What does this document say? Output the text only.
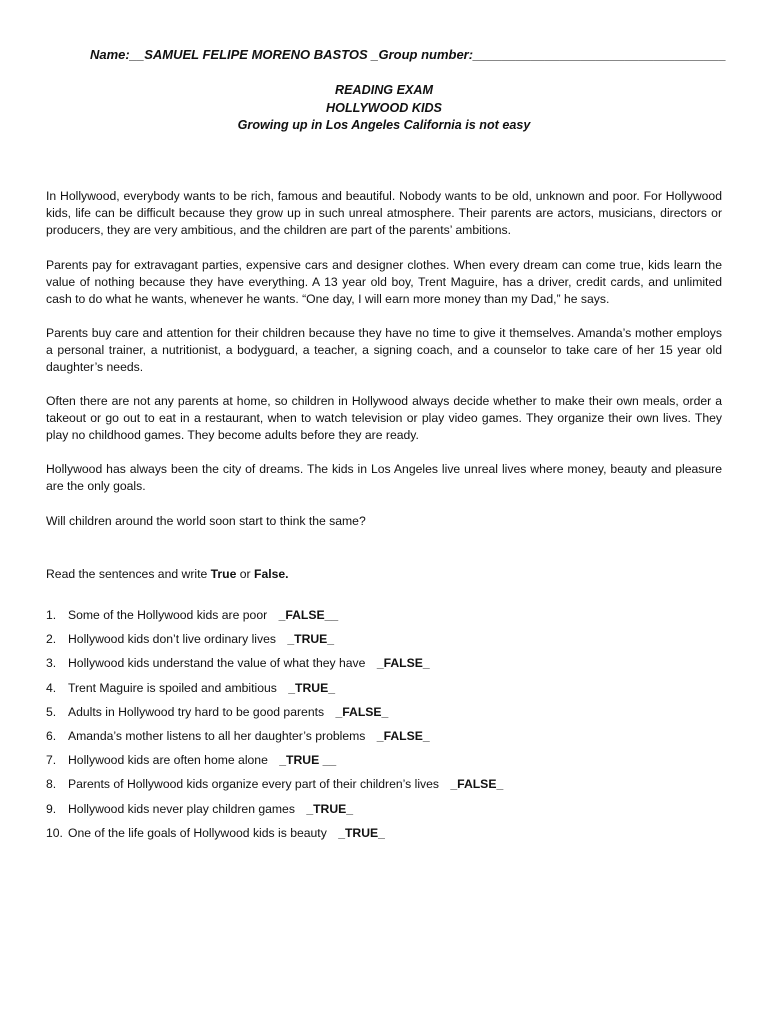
Name:__SAMUEL FELIPE MORENO BASTOS _Group number:___________________________________
READING EXAM
HOLLYWOOD KIDS
Growing up in Los Angeles California is not easy
In Hollywood, everybody wants to be rich, famous and beautiful. Nobody wants to be old, unknown and poor. For Hollywood kids, life can be difficult because they grow up in such unreal atmosphere. Their parents are actors, musicians, directors or producers, they are very ambitious, and the children are part of the parents’ ambitions.
Parents pay for extravagant parties, expensive cars and designer clothes. When every dream can come true, kids learn the value of nothing because they have everything. A 13 year old boy, Trent Maguire, has a driver, credit cards, and unlimited cash to do what he wants, whenever he wants. “One day, I will earn more money than my Dad,” he says.
Parents buy care and attention for their children because they have no time to give it themselves. Amanda’s mother employs a personal trainer, a nutritionist, a bodyguard, a teacher, a signing coach, and a counselor to take care of her 15 year old daughter’s needs.
Often there are not any parents at home, so children in Hollywood always decide whether to make their own meals, order a takeout or go out to eat in a restaurant, when to watch television or play video games. They organize their own lives. They play no childhood games. They become adults before they are ready.
Hollywood has always been the city of dreams. The kids in Los Angeles live unreal lives where money, beauty and pleasure are the only goals.
Will children around the world soon start to think the same?
Read the sentences and write True or False.
1. Some of the Hollywood kids are poor _FALSE__
2. Hollywood kids don’t live ordinary lives _TRUE_
3. Hollywood kids understand the value of what they have _FALSE_
4. Trent Maguire is spoiled and ambitious _TRUE_
5. Adults in Hollywood try hard to be good parents _FALSE_
6. Amanda’s mother listens to all her daughter’s problems _FALSE_
7. Hollywood kids are often home alone _TRUE __
8. Parents of Hollywood kids organize every part of their children’s lives _FALSE_
9. Hollywood kids never play children games _TRUE_
10. One of the life goals of Hollywood kids is beauty _TRUE_
